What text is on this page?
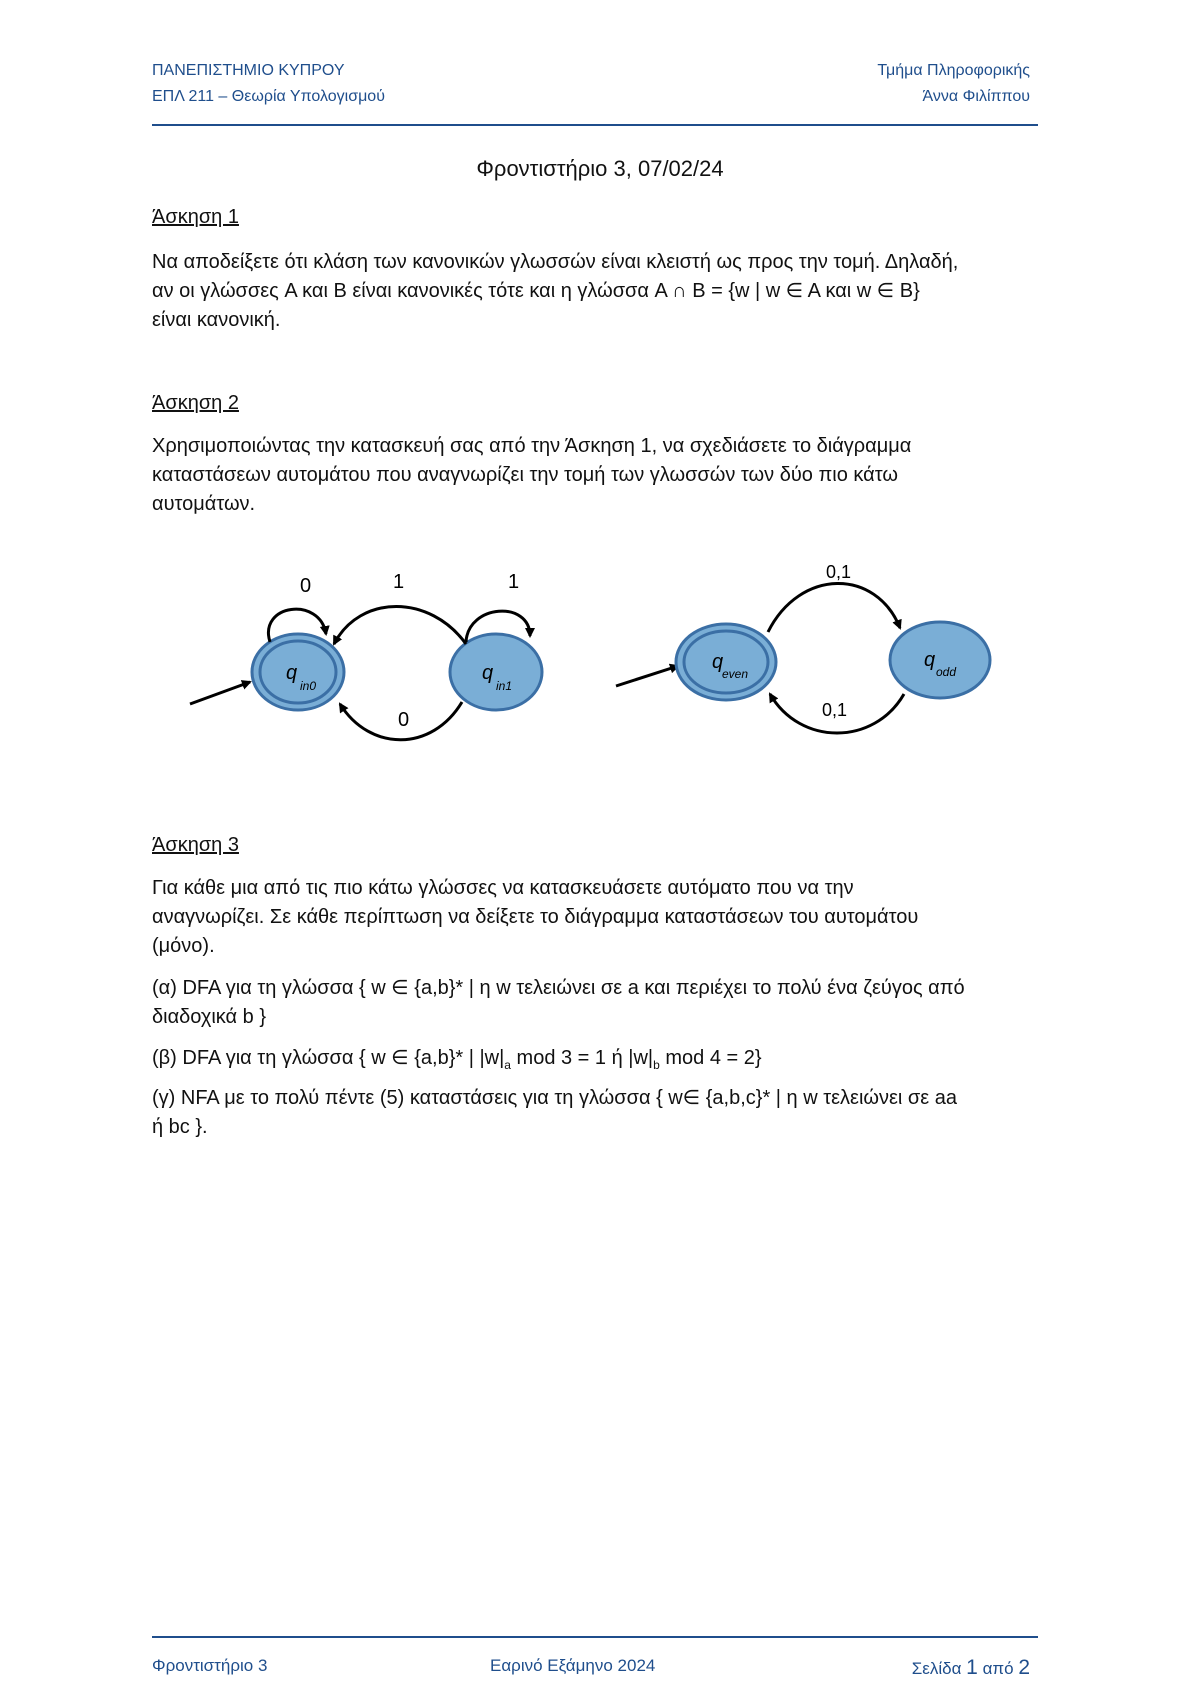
ΠΑΝΕΠΙΣΤΗΜΙΟ ΚΥΠΡΟΥ
ΕΠΛ 211 – Θεωρία Υπολογισμού
Τμήμα Πληροφορικής
Άννα Φιλίππου
Φροντιστήριο 3, 07/02/24
Άσκηση 1
Να αποδείξετε ότι κλάση των κανονικών γλωσσών είναι κλειστή ως προς την τομή. Δηλαδή,
αν οι γλώσσες A και B είναι κανονικές τότε και η γλώσσα A ∩ B = {w | w ∈ A και w ∈ B}
είναι κανονική.
Άσκηση 2
Χρησιμοποιώντας την κατασκευή σας από την Άσκηση 1, να σχεδιάσετε το διάγραμμα
καταστάσεων αυτομάτου που αναγνωρίζει την τομή των γλωσσών των δύο πιο κάτω
αυτομάτων.
q
in0
q
in1
0	1	1
0
q
even
q
odd
0,1
0,1
Άσκηση 3
Για κάθε μια από τις πιο κάτω γλώσσες να κατασκευάσετε αυτόματο που να την
αναγνωρίζει. Σε κάθε περίπτωση να δείξετε το διάγραμμα καταστάσεων του αυτομάτου
(μόνο).
(α) DFA για τη γλώσσα { w ∈ {a,b}* | η w τελειώνει σε a και περιέχει το πολύ ένα ζεύγος από
διαδοχικά b }
(β) DFA για τη γλώσσα { w ∈ {a,b}* | $|w|_a$ mod 3 = 1 ή $|w|_b$ mod 4 = 2}
(γ) NFA με το πολύ πέντε (5) καταστάσεις για τη γλώσσα { w∈ {a,b,c}* | η w τελειώνει σε aa
ή bc }.
Φροντιστήριο 3	Εαρινό Εξάμηνο 2024	Σελίδα 1 από 2
